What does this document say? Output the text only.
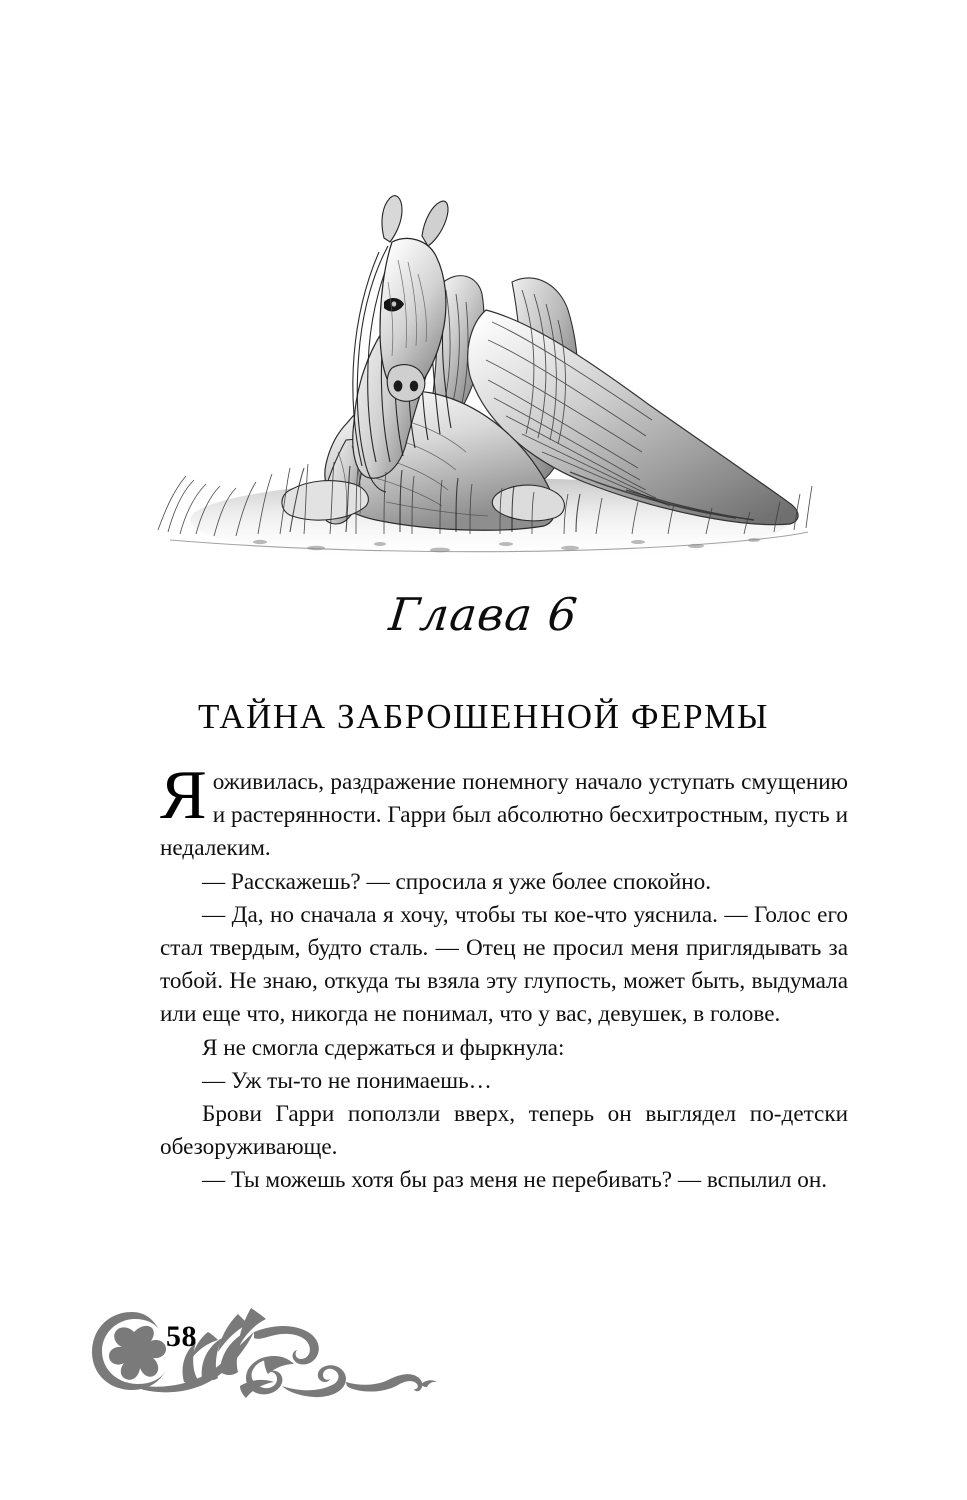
Глава 6
ТАЙНА ЗАБРОШЕННОЙ ФЕРМЫ

Яоживилась, раздражение понемногу начало уступать смущению и растерянности. Гарри был абсолютно бесхитростным, пусть и недалеким.

— Расскажешь? — спросила я уже более спокойно.

— Да, но сначала я хочу, чтобы ты кое-что уяснила. — Голос его стал твердым, будто сталь. — Отец не просил меня приглядывать за тобой. Не знаю, откуда ты взяла эту глупость, может быть, выдумала или еще что, никогда не понимал, что у вас, девушек, в голове.

Я не смогла сдержаться и фыркнула:

— Уж ты-то не понимаешь…

Брови Гарри поползли вверх, теперь он выглядел по-детски обезоруживающе.

— Ты можешь хотя бы раз меня не перебивать? — вспылил он.

58
